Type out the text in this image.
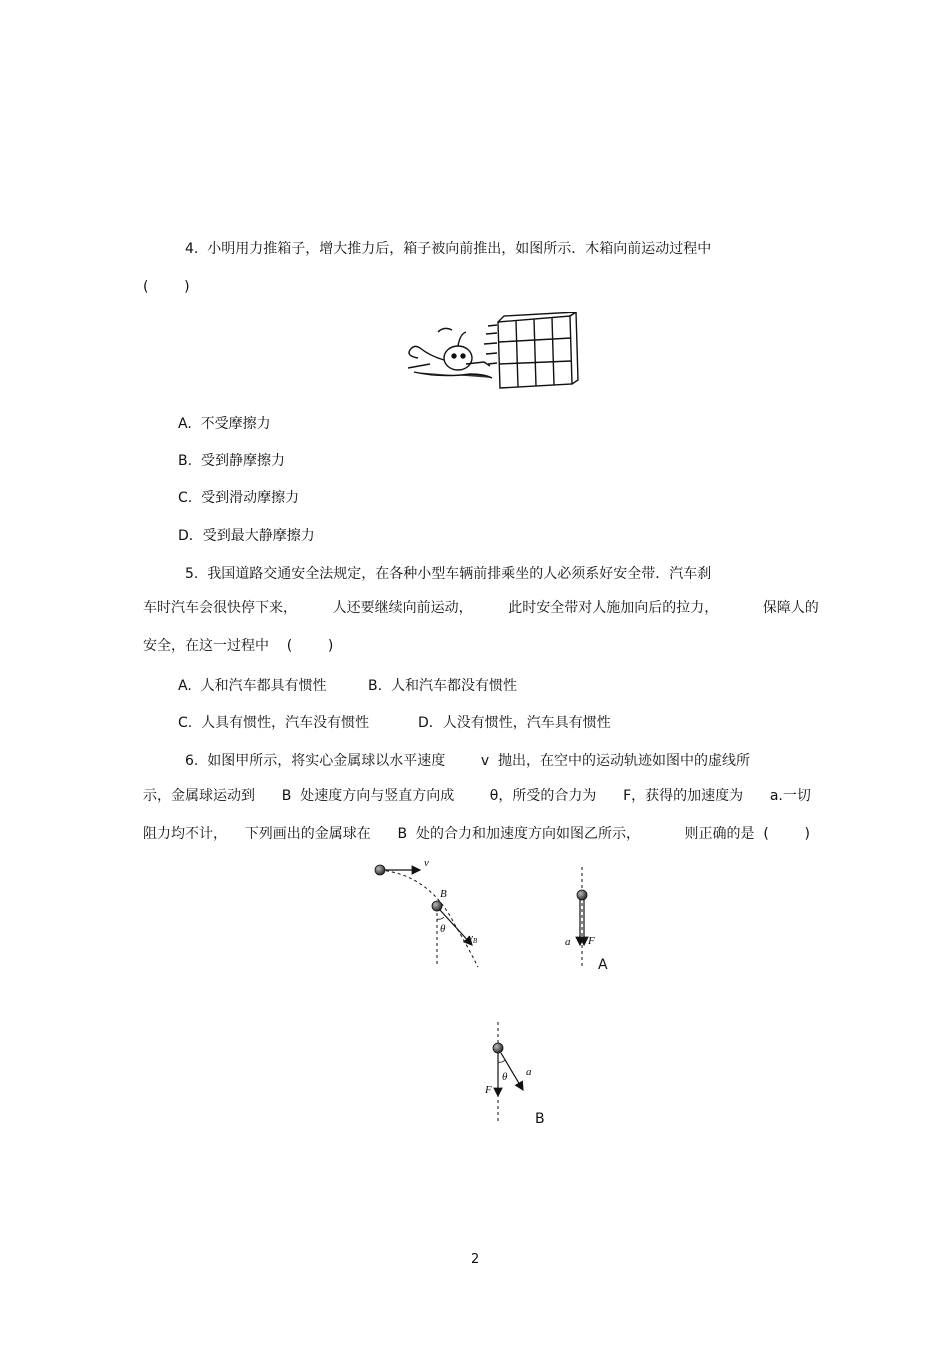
4.  小明用力推箱子，增大推力后，箱子被向前推出，如图所示．木箱向前运动过程中
(        )
A.  不受摩擦力
B.  受到静摩擦力
C.  受到滑动摩擦力
D．受到最大静摩擦力
5.  我国道路交通安全法规定，在各种小型车辆前排乘坐的人必须系好安全带．汽车刹
车时汽车会很快停下来，        人还要继续向前运动，        此时安全带对人施加向后的拉力，          保障人的
安全，在这一过程中    (        )
A.  人和汽车都具有惯性	B.  人和汽车都没有惯性
C.  人具有惯性，汽车没有惯性	D．人没有惯性，汽车具有惯性
6.  如图甲所示，将实心金属球以水平速度        v  抛出，在空中的运动轨迹如图中的虚线所
示，金属球运动到      B  处速度方向与竖直方向成        θ，所受的合力为      F，获得的加速度为      a.一切
阻力均不计，    下列画出的金属球在      B  处的合力和加速度方向如图乙所示，          则正确的是  (        )
v
B
θ
vB	a F
A
θ a
F
B
2
